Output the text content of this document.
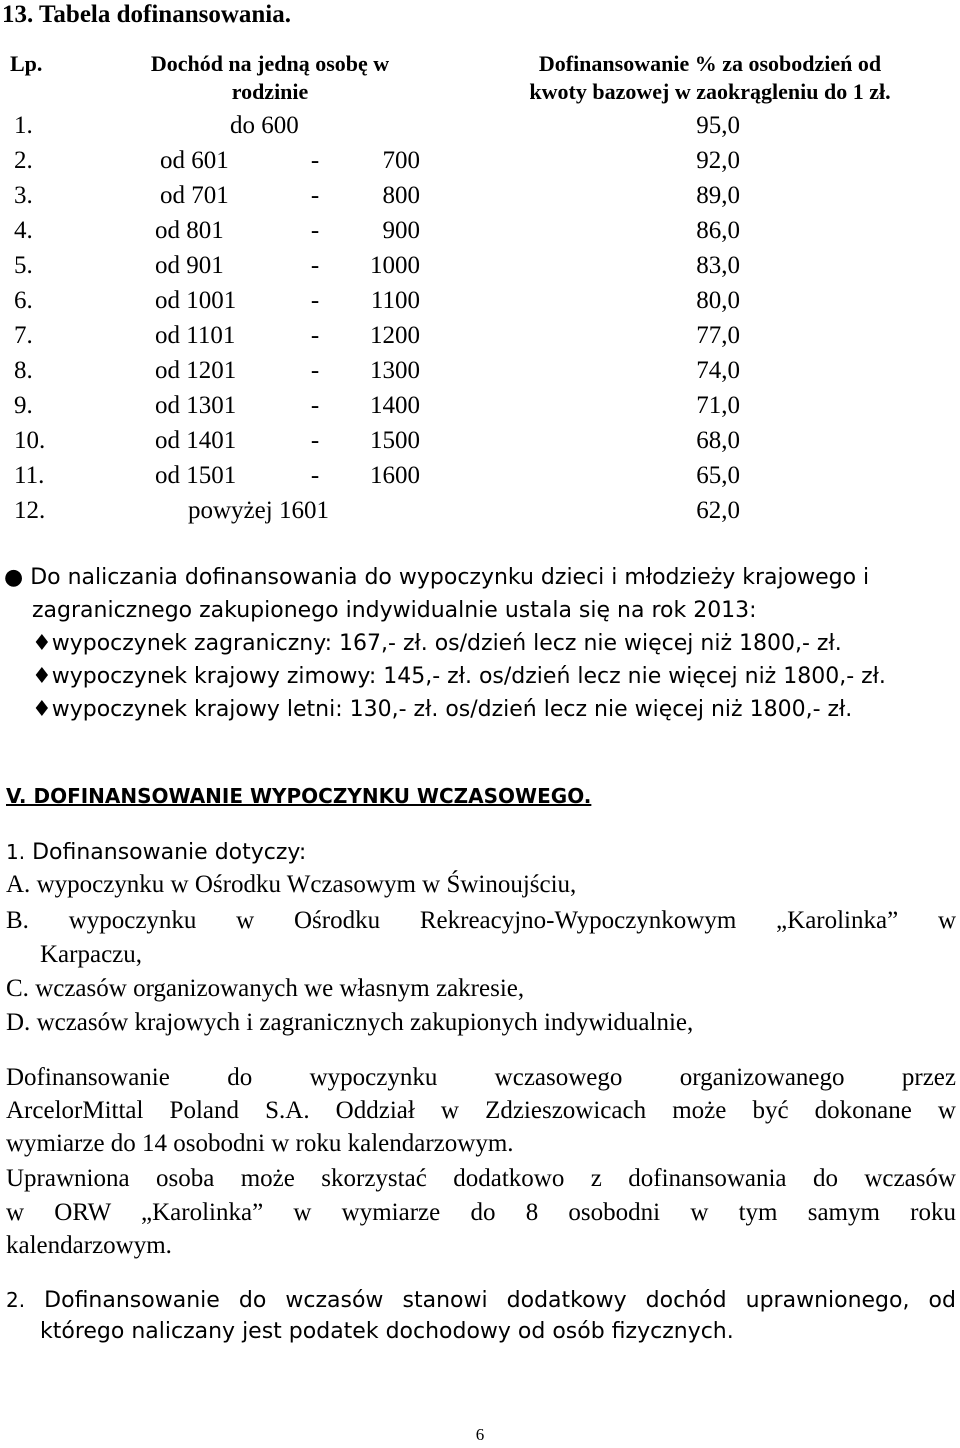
13. Tabela dofinansowania.
Lp.	Dochód na jedną osobę w
rodzinie
Dofinansowanie % za osobodzień od
kwoty bazowej w zaokrągleniu do 1 zł.
1.	do 600	95,0
2.	od 601	-	700	92,0
3.	od 701	-	800	89,0
4.	od 801	-	900	86,0
5.	od 901	-	1000	83,0
6.	od 1001	-	1100	80,0
7.	od 1101	-	1200	77,0
8.	od 1201	-	1300	74,0
9.	od 1301	-	1400	71,0
10.	od 1401	-	1500	68,0
11.	od 1501	-	1600	65,0
12.	powyżej 1601	62,0
● Do naliczania dofinansowania do wypoczynku dzieci i młodzieży krajowego i
zagranicznego zakupionego indywidualnie ustala się na rok 2013:
♦wypoczynek zagraniczny: 167,- zł. os/dzień lecz nie więcej niż 1800,- zł.
♦wypoczynek krajowy zimowy: 145,- zł. os/dzień lecz nie więcej niż 1800,- zł.
♦wypoczynek krajowy letni: 130,- zł. os/dzień lecz nie więcej niż 1800,- zł.
V. DOFINANSOWANIE WYPOCZYNKU WCZASOWEGO.
1. Dofinansowanie dotyczy:
A. wypoczynku w Ośrodku Wczasowym w Świnoujściu,
B. wypoczynku w Ośrodku Rekreacyjno-Wypoczynkowym „Karolinka” w
Karpaczu,
C. wczasów organizowanych we własnym zakresie,
D. wczasów krajowych i zagranicznych zakupionych indywidualnie,
Dofinansowanie do wypoczynku wczasowego organizowanego przez
ArcelorMittal Poland S.A. Oddział w Zdzieszowicach może być dokonane w
wymiarze do 14 osobodni w roku kalendarzowym.
Uprawniona osoba może skorzystać dodatkowo z dofinansowania do wczasów
w ORW „Karolinka” w wymiarze do 8 osobodni w tym samym roku
kalendarzowym.
2. Dofinansowanie do wczasów stanowi dodatkowy dochód uprawnionego, od
którego naliczany jest podatek dochodowy od osób fizycznych.
6
